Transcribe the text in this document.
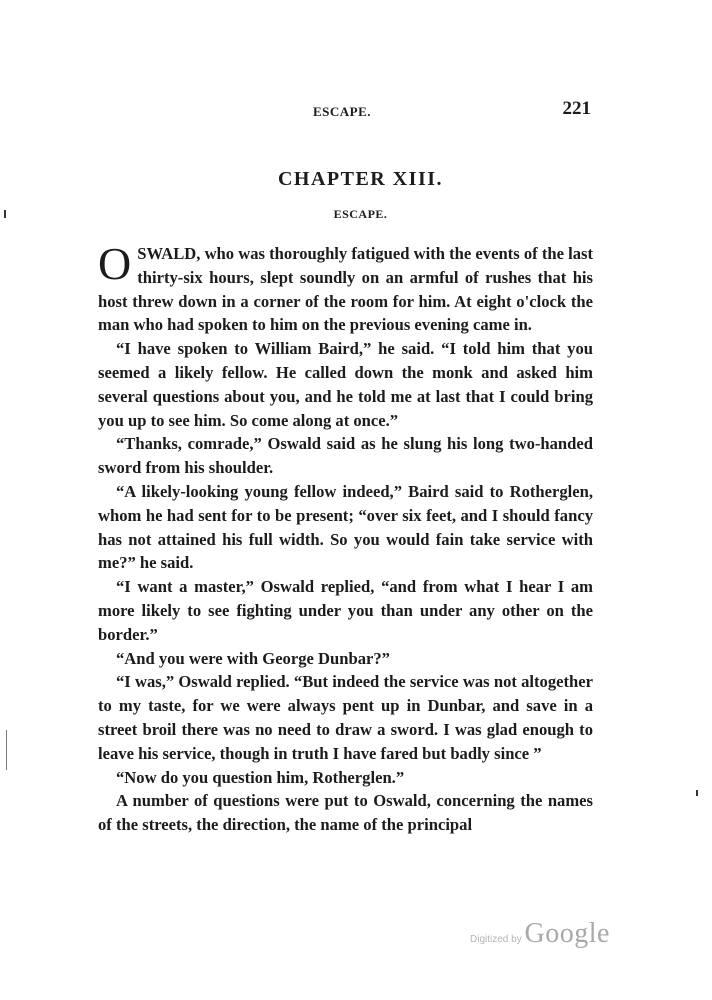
ESCAPE.	221
CHAPTER XIII.
ESCAPE.

OSWALD, who was thoroughly fatigued with the events of the last thirty-six hours, slept soundly on an armful of rushes that his host threw down in a corner of the room for him. At eight o'clock the man who had spoken to him on the previous evening came in.

“I have spoken to William Baird,” he said. “I told him that you seemed a likely fellow. He called down the monk and asked him several questions about you, and he told me at last that I could bring you up to see him. So come along at once.”

“Thanks, comrade,” Oswald said as he slung his long two-handed sword from his shoulder.

“A likely-looking young fellow indeed,” Baird said to Rotherglen, whom he had sent for to be present; “over six feet, and I should fancy has not attained his full width. So you would fain take service with me?” he said.

“I want a master,” Oswald replied, “and from what I hear I am more likely to see fighting under you than under any other on the border.”

“And you were with George Dunbar?”

“I was,” Oswald replied. “But indeed the service was not altogether to my taste, for we were always pent up in Dunbar, and save in a street broil there was no need to draw a sword. I was glad enough to leave his service, though in truth I have fared but badly since ”

“Now do you question him, Rotherglen.”

A number of questions were put to Oswald, concerning the names of the streets, the direction, the name of the principal

Digitized by Google
